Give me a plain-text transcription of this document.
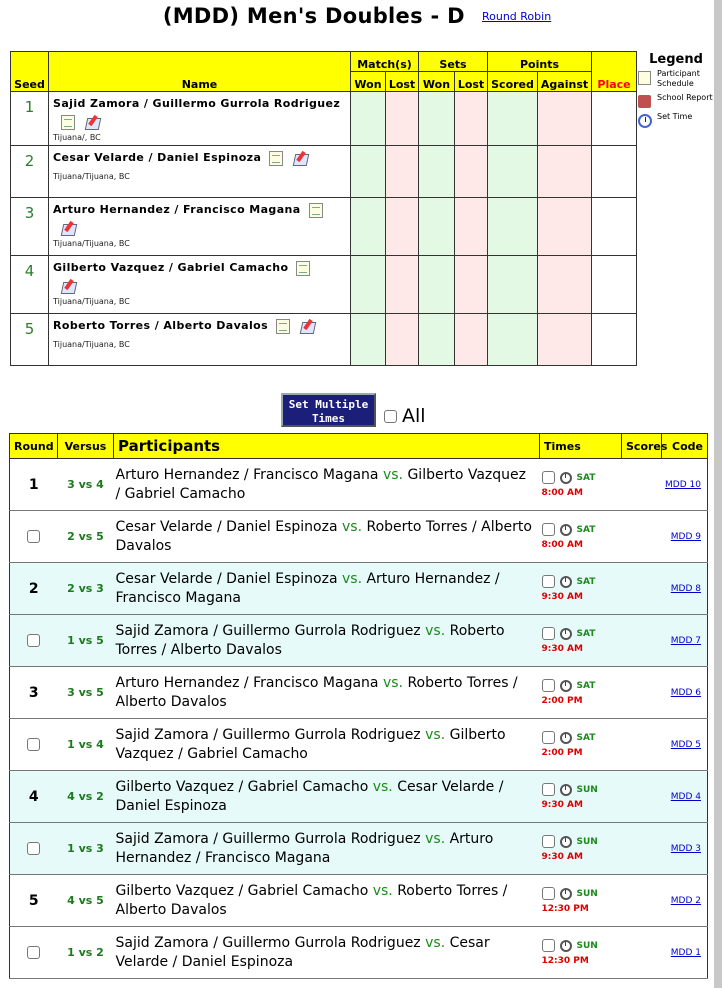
(MDD) Men's Doubles - D Round Robin
Seed	Name	Match(s)		Sets		Points		Place
		Won	Lost	Won	Lost	Scored	Against	
1	Sajid Zamora / Guillermo Gurrola Rodriguez
Tijuana/, BC							

2	Cesar Velarde / Daniel Espinoza
Tijuana/Tijuana, BC							

3	Arturo Hernandez / Francisco Magana
Tijuana/Tijuana, BC							

4	Gilberto Vazquez / Gabriel Camacho
Tijuana/Tijuana, BC							

5	Roberto Torres / Alberto Davalos
Tijuana/Tijuana, BC							

Legend
Participant Schedule
School Report
Set Time
Set Multiple Times	All
Round	Versus	Participants	Times	Scores	Code
1	3 vs 4	Arturo Hernandez / Francisco Magana vs. Gilberto Vazquez / Gabriel Camacho	SAT
8:00 AM		MDD 10
	2 vs 5	Cesar Velarde / Daniel Espinoza vs. Roberto Torres / Alberto Davalos	SAT
8:00 AM		MDD 9
2	2 vs 3	Cesar Velarde / Daniel Espinoza vs. Arturo Hernandez / Francisco Magana	SAT
9:30 AM		MDD 8
	1 vs 5	Sajid Zamora / Guillermo Gurrola Rodriguez vs. Roberto Torres / Alberto Davalos	SAT
9:30 AM		MDD 7
3	3 vs 5	Arturo Hernandez / Francisco Magana vs. Roberto Torres / Alberto Davalos	SAT
2:00 PM		MDD 6
	1 vs 4	Sajid Zamora / Guillermo Gurrola Rodriguez vs. Gilberto Vazquez / Gabriel Camacho	SAT
2:00 PM		MDD 5
4	4 vs 2	Gilberto Vazquez / Gabriel Camacho vs. Cesar Velarde / Daniel Espinoza	SUN
9:30 AM		MDD 4
	1 vs 3	Sajid Zamora / Guillermo Gurrola Rodriguez vs. Arturo Hernandez / Francisco Magana	SUN
9:30 AM		MDD 3
5	4 vs 5	Gilberto Vazquez / Gabriel Camacho vs. Roberto Torres / Alberto Davalos	SUN
12:30 PM		MDD 2
	1 vs 2	Sajid Zamora / Guillermo Gurrola Rodriguez vs. Cesar Velarde / Daniel Espinoza	SUN
12:30 PM		MDD 1
